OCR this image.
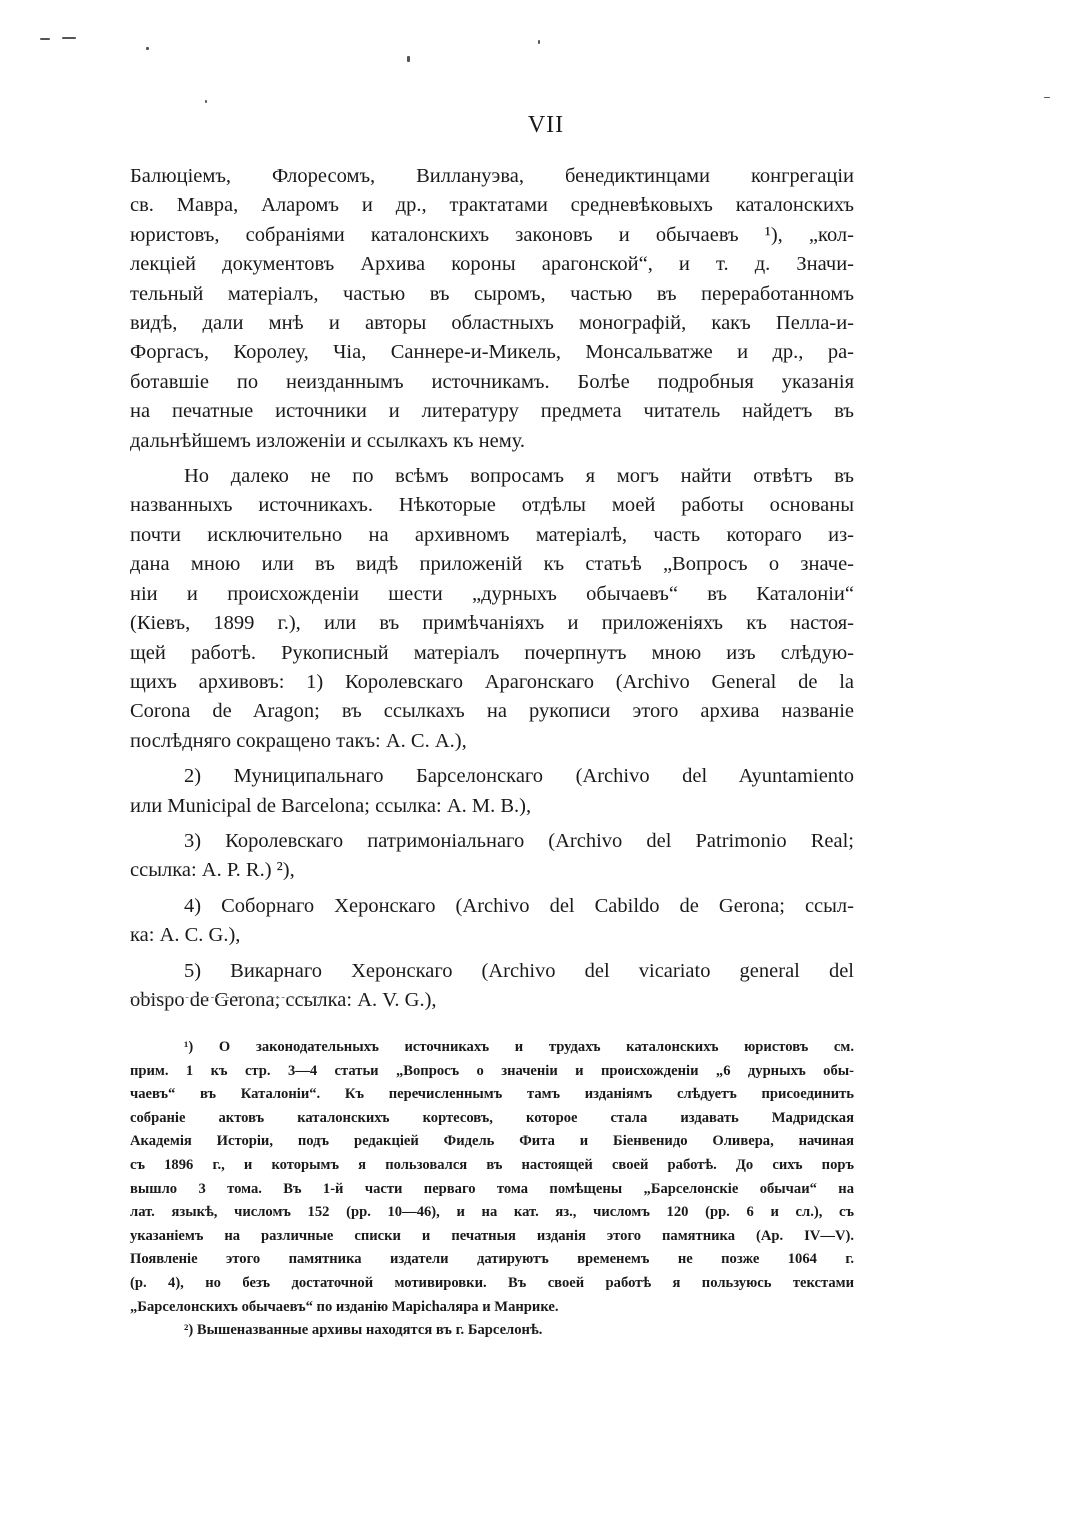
VII
Балюціемъ, Флоресомъ, Виллануэва, бенедиктинцами конгрегаціи
св. Мавра, Аларомъ и др., трактатами средневѣковыхъ каталонскихъ
юристовъ, собраніями каталонскихъ законовъ и обычаевъ ¹), „кол-
лекціей документовъ Архива короны арагонской“, и т. д. Значи-
тельный матеріалъ, частью въ сыромъ, частью въ переработанномъ
видѣ, дали мнѣ и авторы областныхъ монографій, какъ Пелла-и-
Форгасъ, Королеу, Чіа, Саннере-и-Микель, Монсальватже и др., ра-
ботавшіе по неизданнымъ источникамъ. Болѣе подробныя указанія
на печатные источники и литературу предмета читатель найдетъ въ
дальнѣйшемъ изложеніи и ссылкахъ къ нему.
Но далеко не по всѣмъ вопросамъ я могъ найти отвѣтъ въ
названныхъ источникахъ. Нѣкоторые отдѣлы моей работы основаны
почти исключительно на архивномъ матеріалѣ, часть котораго из-
дана мною или въ видѣ приложеній къ статьѣ „Вопросъ о значе-
ніи и происхожденіи шести „дурныхъ обычаевъ“ въ Каталоніи“
(Кіевъ, 1899 г.), или въ примѣчаніяхъ и приложеніяхъ къ настоя-
щей работѣ. Рукописный матеріалъ почерпнутъ мною изъ слѣдую-
щихъ архивовъ: 1) Королевскаго Арагонскаго (Archivo General de la
Corona de Aragon; въ ссылкахъ на рукописи этого архива названіе
послѣдняго сокращено такъ: А. С. А.),
2) Муниципальнаго Барселонскаго (Archivo del Ayuntamiento
или Municipal de Barcelona; ссылка: А. М. В.),
3) Королевскаго патримоніальнаго (Archivo del Patrimonio Real;
ссылка: А. Р. R.) ²),
4) Соборнаго Херонскаго (Archivo del Cabildo de Gerona; ссыл-
ка: А. С. G.),
5) Викарнаго Херонскаго (Archivo del vicariato general del
obispo de Gerona; ссылка: А. V. G.),
¹) О законодательныхъ источникахъ и трудахъ каталонскихъ юристовъ см.
прим. 1 къ стр. 3—4 статьи „Вопросъ о значеніи и происхожденіи „6 дурныхъ обы-
чаевъ“ въ Каталоніи“. Къ перечисленнымъ тамъ изданіямъ слѣдуетъ присоединить
собраніе актовъ каталонскихъ кортесовъ, которое стала издавать Мадридская
Академія Исторіи, подъ редакціей Фидель Фита и Біенвенидо Оливера, начиная
съ 1896 г., и которымъ я пользовался въ настоящей своей работѣ. До сихъ поръ
вышло 3 тома. Въ 1-й части перваго тома помѣщены „Барселонскіе обычаи“ на
лат. языкѣ, числомъ 152 (рр. 10—46), и на кат. яз., числомъ 120 (рр. 6 и сл.), съ
указаніемъ на различные списки и печатныя изданія этого памятника (Ар. IV—V).
Появленіе этого памятника издатели датируютъ временемъ не позже 1064 г.
(р. 4), но безъ достаточной мотивировки. Въ своей работѣ я пользуюсь текстами
„Барселонскихъ обычаевъ“ по изданію Марichаляра и Манрике.
²) Вышеназванные архивы находятся въ г. Барселонѣ.
